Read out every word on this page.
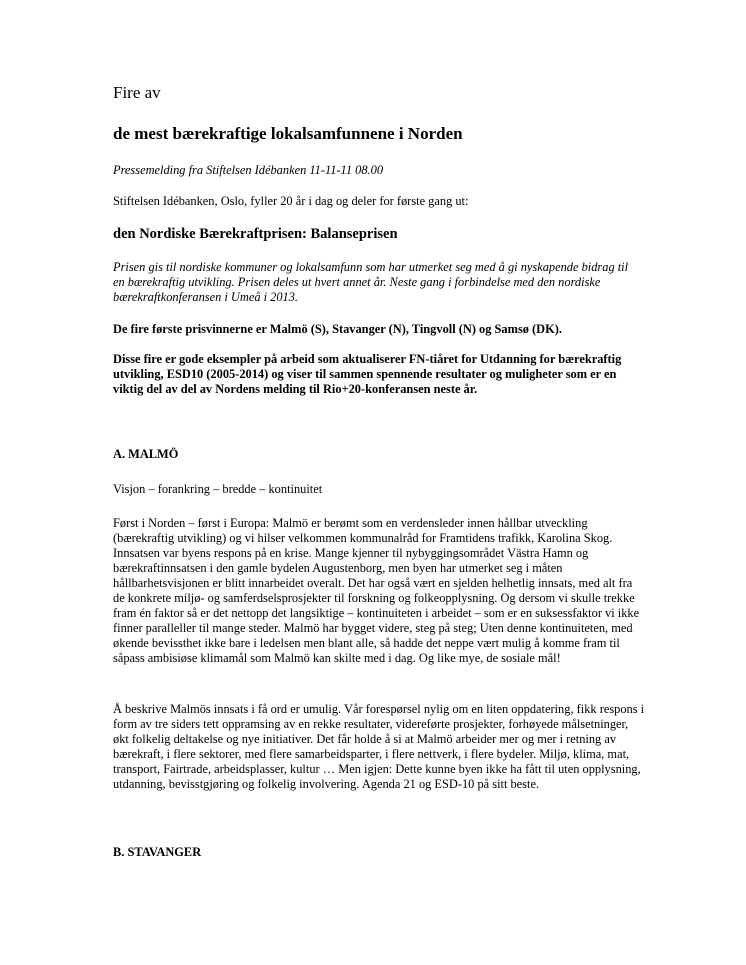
Fire av

de mest bærekraftige lokalsamfunnene i Norden

Pressemelding fra Stiftelsen Idébanken 11-11-11 08.00

Stiftelsen Idébanken, Oslo, fyller 20 år i dag og deler for første gang ut:

den Nordiske Bærekraftprisen: Balanseprisen

Prisen gis til nordiske kommuner og lokalsamfunn som har utmerket seg med å gi nyskapende bidrag til en bærekraftig utvikling. Prisen deles ut hvert annet år. Neste gang i forbindelse med den nordiske bærekraftkonferansen i Umeå i 2013.

De fire første prisvinnerne er Malmö (S), Stavanger (N), Tingvoll (N) og Samsø (DK).

Disse fire er gode eksempler på arbeid som aktualiserer FN-tiåret for Utdanning for bærekraftig utvikling, ESD10 (2005-2014) og viser til sammen spennende resultater og muligheter som er en viktig del av del av Nordens melding til Rio+20-konferansen neste år.

A. MALMÖ

Visjon – forankring – bredde – kontinuitet

Først i Norden – først i Europa: Malmö er berømt som en verdensleder innen hållbar utveckling (bærekraftig utvikling) og vi hilser velkommen kommunalråd for Framtidens trafikk, Karolina Skog. Innsatsen var byens respons på en krise. Mange kjenner til nybyggingsområdet Västra Hamn og bærekraftinnsatsen i den gamle bydelen Augustenborg, men byen har utmerket seg i måten hållbarhetsvisjonen er blitt innarbeidet overalt. Det har også vært en sjelden helhetlig innsats, med alt fra de konkrete miljø- og samferdselsprosjekter til forskning og folkeopplysning. Og dersom vi skulle trekke fram én faktor så er det nettopp det langsiktige – kontinuiteten i arbeidet – som er en suksessfaktor vi ikke finner paralleller til mange steder. Malmö har bygget videre, steg på steg; Uten denne kontinuiteten, med økende bevissthet ikke bare i ledelsen men blant alle, så hadde det neppe vært mulig å komme fram til såpass ambisiøse klimamål som Malmö kan skilte med i dag. Og like mye, de sosiale mål!

Å beskrive Malmös innsats i få ord er umulig. Vår forespørsel nylig om en liten oppdatering, fikk respons i form av tre siders tett oppramsing av en rekke resultater, videreførte prosjekter, forhøyede målsetninger, økt folkelig deltakelse og nye initiativer. Det får holde å si at Malmö arbeider mer og mer i retning av bærekraft, i flere sektorer, med flere samarbeidsparter, i flere nettverk, i flere bydeler. Miljø, klima, mat, transport, Fairtrade, arbeidsplasser, kultur … Men igjen: Dette kunne byen ikke ha fått til uten opplysning, utdanning, bevisstgjøring og folkelig involvering. Agenda 21 og ESD-10 på sitt beste.

B. STAVANGER
